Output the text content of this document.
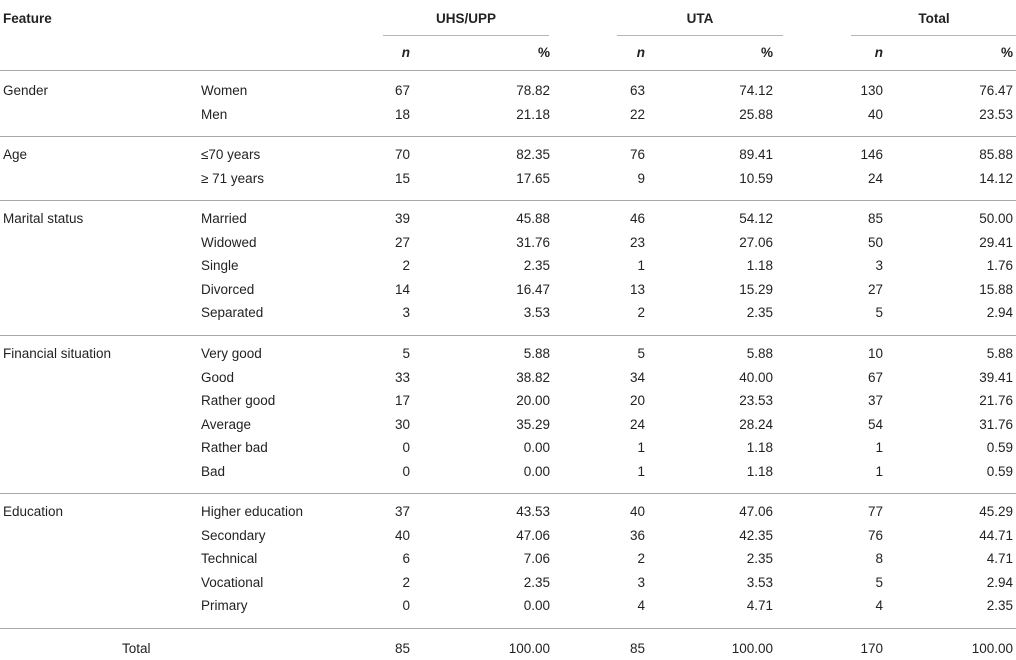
Feature	UHS/UPP	UTA	Total
n	%	n	%	n	%
Gender	Women	67	78.82	63	74.12	130	76.47
Men	18	21.18	22	25.88	40	23.53
Age	≤70 years	70	82.35	76	89.41	146	85.88
≥ 71 years	15	17.65	9	10.59	24	14.12
Marital status	Married	39	45.88	46	54.12	85	50.00
Widowed	27	31.76	23	27.06	50	29.41
Single	2	2.35	1	1.18	3	1.76
Divorced	14	16.47	13	15.29	27	15.88
Separated	3	3.53	2	2.35	5	2.94
Financial situation	Very good	5	5.88	5	5.88	10	5.88
Good	33	38.82	34	40.00	67	39.41
Rather good	17	20.00	20	23.53	37	21.76
Average	30	35.29	24	28.24	54	31.76
Rather bad	0	0.00	1	1.18	1	0.59
Bad	0	0.00	1	1.18	1	0.59
Education	Higher education	37	43.53	40	47.06	77	45.29
Secondary	40	47.06	36	42.35	76	44.71
Technical	6	7.06	2	2.35	8	4.71
Vocational	2	2.35	3	3.53	5	2.94
Primary	0	0.00	4	4.71	4	2.35
Total	85	100.00	85	100.00	170	100.00
